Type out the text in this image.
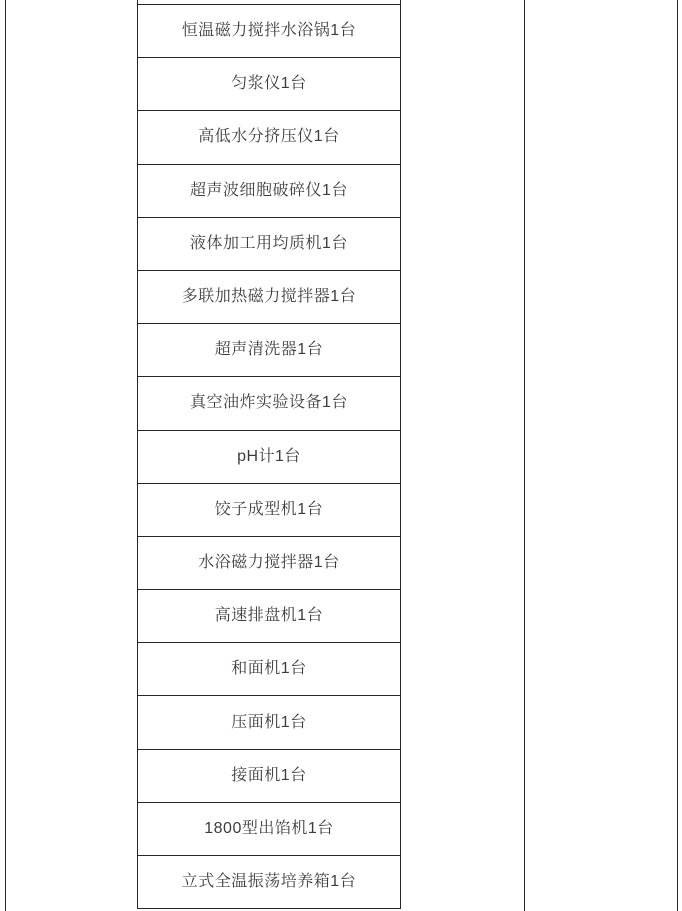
恒温磁力搅拌水浴锅1台
匀浆仪1台
高低水分挤压仪1台
超声波细胞破碎仪1台
液体加工用均质机1台
多联加热磁力搅拌器1台
超声清洗器1台
真空油炸实验设备1台
pH计1台
饺子成型机1台
水浴磁力搅拌器1台
高速排盘机1台
和面机1台
压面机1台
接面机1台
1800型出馅机1台
立式全温振荡培养箱1台
